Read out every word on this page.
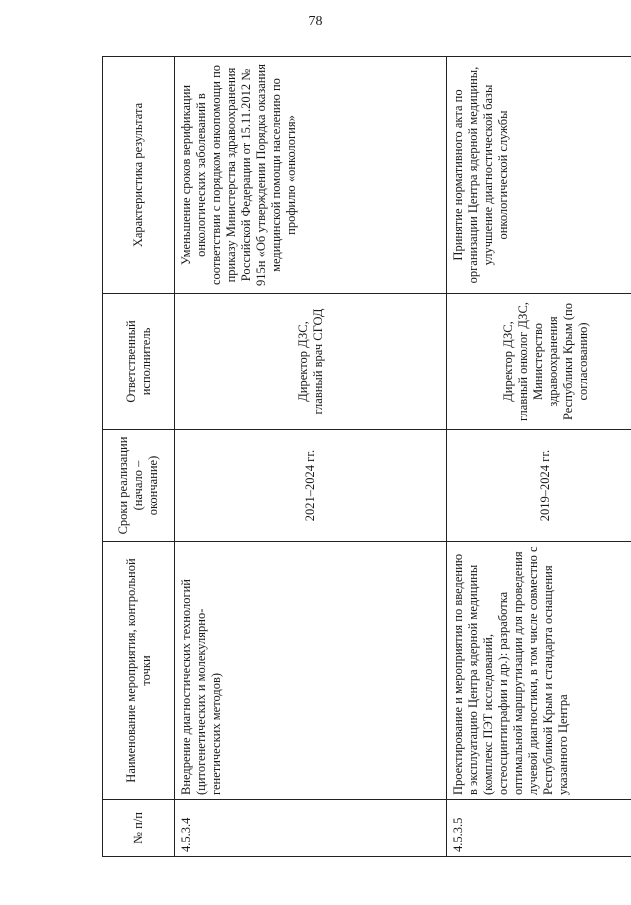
78
№ п/п	Наименование мероприятия, контрольной точки	Сроки реализации (начало – окончание)	Ответственный исполнитель	Характеристика результата
4.5.3.4	Внедрение диагностических технологий (цитогенетических и молекулярно-генетических методов)	2021–2024 гг.	Директор ДЗС, главный врач СГОД	Уменьшение сроков верификации онкологических заболеваний в соответствии с порядком онкопомощи по приказу Министерства здравоохранения Российской Федерации от 15.11.2012 № 915н «Об утверждении Порядка оказания медицинской помощи населению по профилю «онкология»
4.5.3.5	Проектирование и мероприятия по введению в эксплуатацию Центра ядерной медицины (комплекс ПЭТ исследований, остеосцинтиграфии и др.): разработка оптимальной маршрутизации для проведения лучевой диагностики, в том числе совместно с Республикой Крым и стандарта оснащения указанного Центра	2019–2024 гг.	Директор ДЗС, главный онколог ДЗС, Министерство здравоохранения Республики Крым (по согласованию)	Принятие нормативного акта по организации Центра ядерной медицины, улучшение диагностической базы онкологической службы
